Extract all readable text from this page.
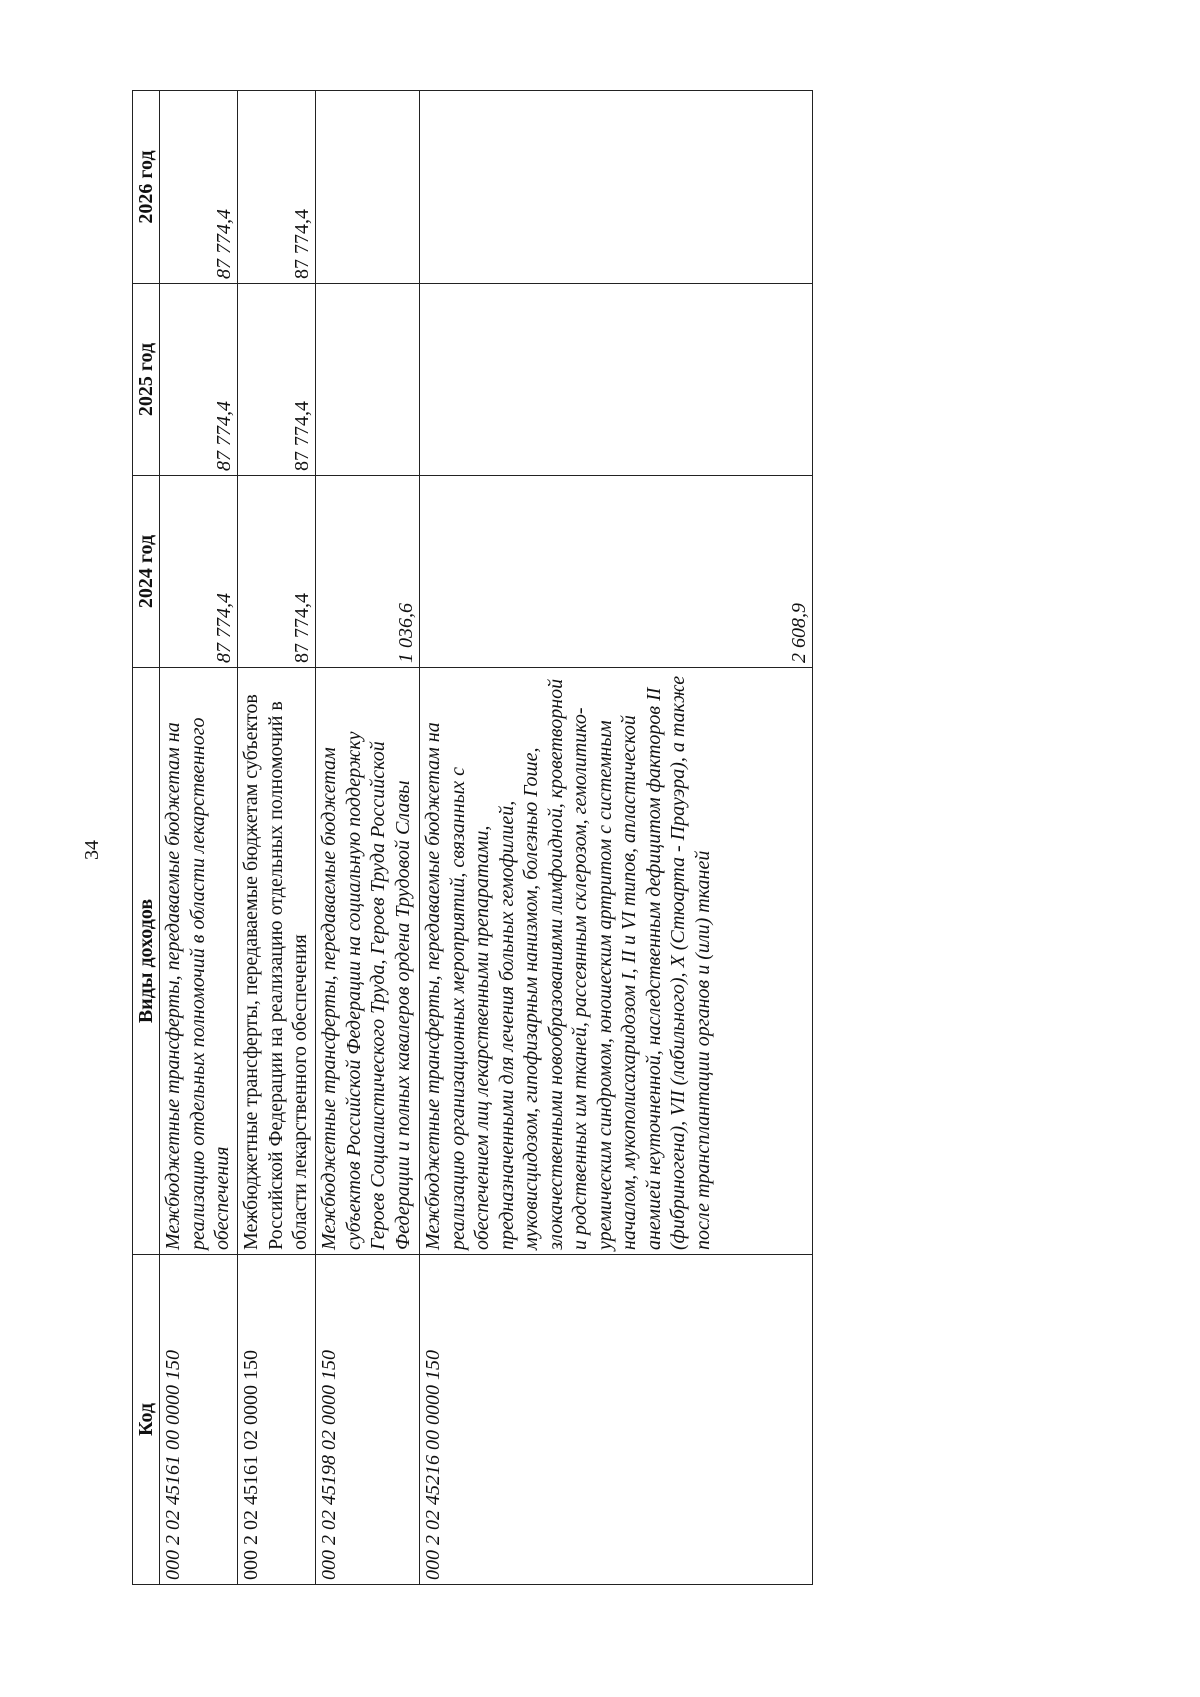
34
Код	Виды доходов	2024 год	2025 год	2026 год
000 2 02 45161 00 0000 150	Межбюджетные трансферты, передаваемые бюджетам на реализацию отдельных полномочий в области лекарственного обеспечения	87 774,4	87 774,4	87 774,4
000 2 02 45161 02 0000 150	Межбюджетные трансферты, передаваемые бюджетам субъектов Российской Федерации на реализацию отдельных полномочий в области лекарственного обеспечения	87 774,4	87 774,4	87 774,4
000 2 02 45198 02 0000 150	Межбюджетные трансферты, передаваемые бюджетам субъектов Российской Федерации на социальную поддержку Героев Социалистического Труда, Героев Труда Российской Федерации и полных кавалеров ордена Трудовой Славы	1 036,6		
000 2 02 45216 00 0000 150	Межбюджетные трансферты, передаваемые бюджетам на реализацию организационных мероприятий, связанных с обеспечением лиц лекарственными препаратами, предназначенными для лечения больных гемофилией, муковисцидозом, гипофизарным нанизмом, болезнью Гоше, злокачественными новообразованиями лимфоидной, кроветворной и родственных им тканей, рассеянным склерозом, гемолитико-уремическим синдромом, юношеским артритом с системным началом, мукополисахаридозом I, II и VI типов, апластической анемией неуточненной, наследственным дефицитом факторов II (фибриногена), VII (лабильного), X (Стюарта - Прауэра), а также после трансплантации органов и (или) тканей	2 608,9		
